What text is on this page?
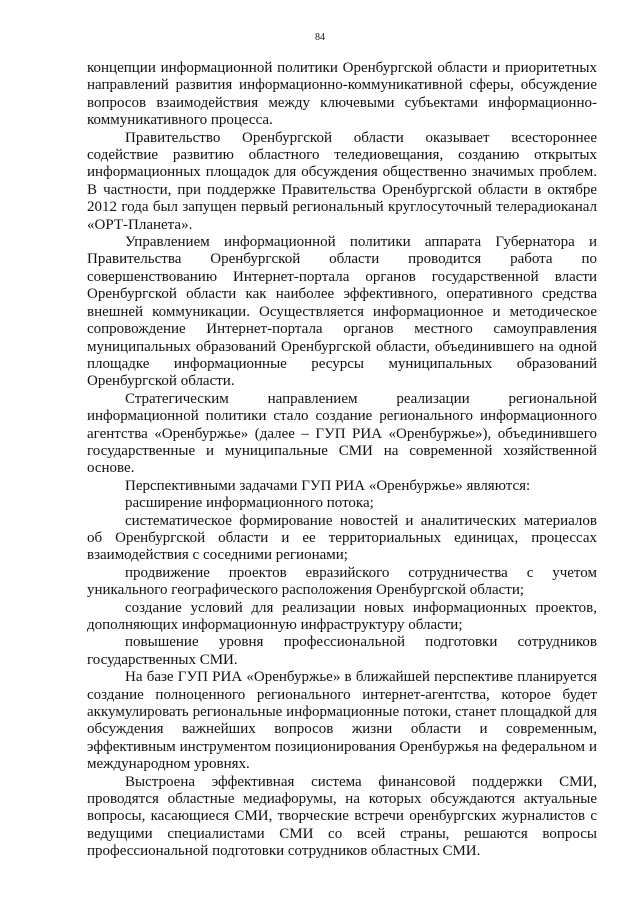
84

концепции информационной политики Оренбургской области и приоритетных направлений развития информационно-коммуникативной сферы, обсуждение вопросов взаимодействия между ключевыми субъектами информационно-коммуникативного процесса.

Правительство Оренбургской области оказывает всестороннее содействие развитию областного теледиовещания, созданию открытых информационных площадок для обсуждения общественно значимых проблем. В частности, при поддержке Правительства Оренбургской области в октябре 2012 года был запущен первый региональный круглосуточный телерадиоканал «ОРТ-Планета».

Управлением информационной политики аппарата Губернатора и Правительства Оренбургской области проводится работа по совершенствованию Интернет-портала органов государственной власти Оренбургской области как наиболее эффективного, оперативного средства внешней коммуникации. Осуществляется информационное и методическое сопровождение Интернет-портала органов местного самоуправления муниципальных образований Оренбургской области, объединившего на одной площадке информационные ресурсы муниципальных образований Оренбургской области.

Стратегическим направлением реализации региональной информационной политики стало создание регионального информационного агентства «Оренбуржье» (далее – ГУП РИА «Оренбуржье»), объединившего государственные и муниципальные СМИ на современной хозяйственной основе.

Перспективными задачами ГУП РИА «Оренбуржье» являются:

расширение информационного потока;

систематическое формирование новостей и аналитических материалов об Оренбургской области и ее территориальных единицах, процессах взаимодействия с соседними регионами;

продвижение проектов евразийского сотрудничества с учетом уникального географического расположения Оренбургской области;

создание условий для реализации новых информационных проектов, дополняющих информационную инфраструктуру области;

повышение уровня профессиональной подготовки сотрудников государственных СМИ.

На базе ГУП РИА «Оренбуржье» в ближайшей перспективе планируется создание полноценного регионального интернет-агентства, которое будет аккумулировать региональные информационные потоки, станет площадкой для обсуждения важнейших вопросов жизни области и современным, эффективным инструментом позиционирования Оренбуржья на федеральном и международном уровнях.

Выстроена эффективная система финансовой поддержки СМИ, проводятся областные медиафорумы, на которых обсуждаются актуальные вопросы, касающиеся СМИ, творческие встречи оренбургских журналистов с ведущими специалистами СМИ со всей страны, решаются вопросы профессиональной подготовки сотрудников областных СМИ.
